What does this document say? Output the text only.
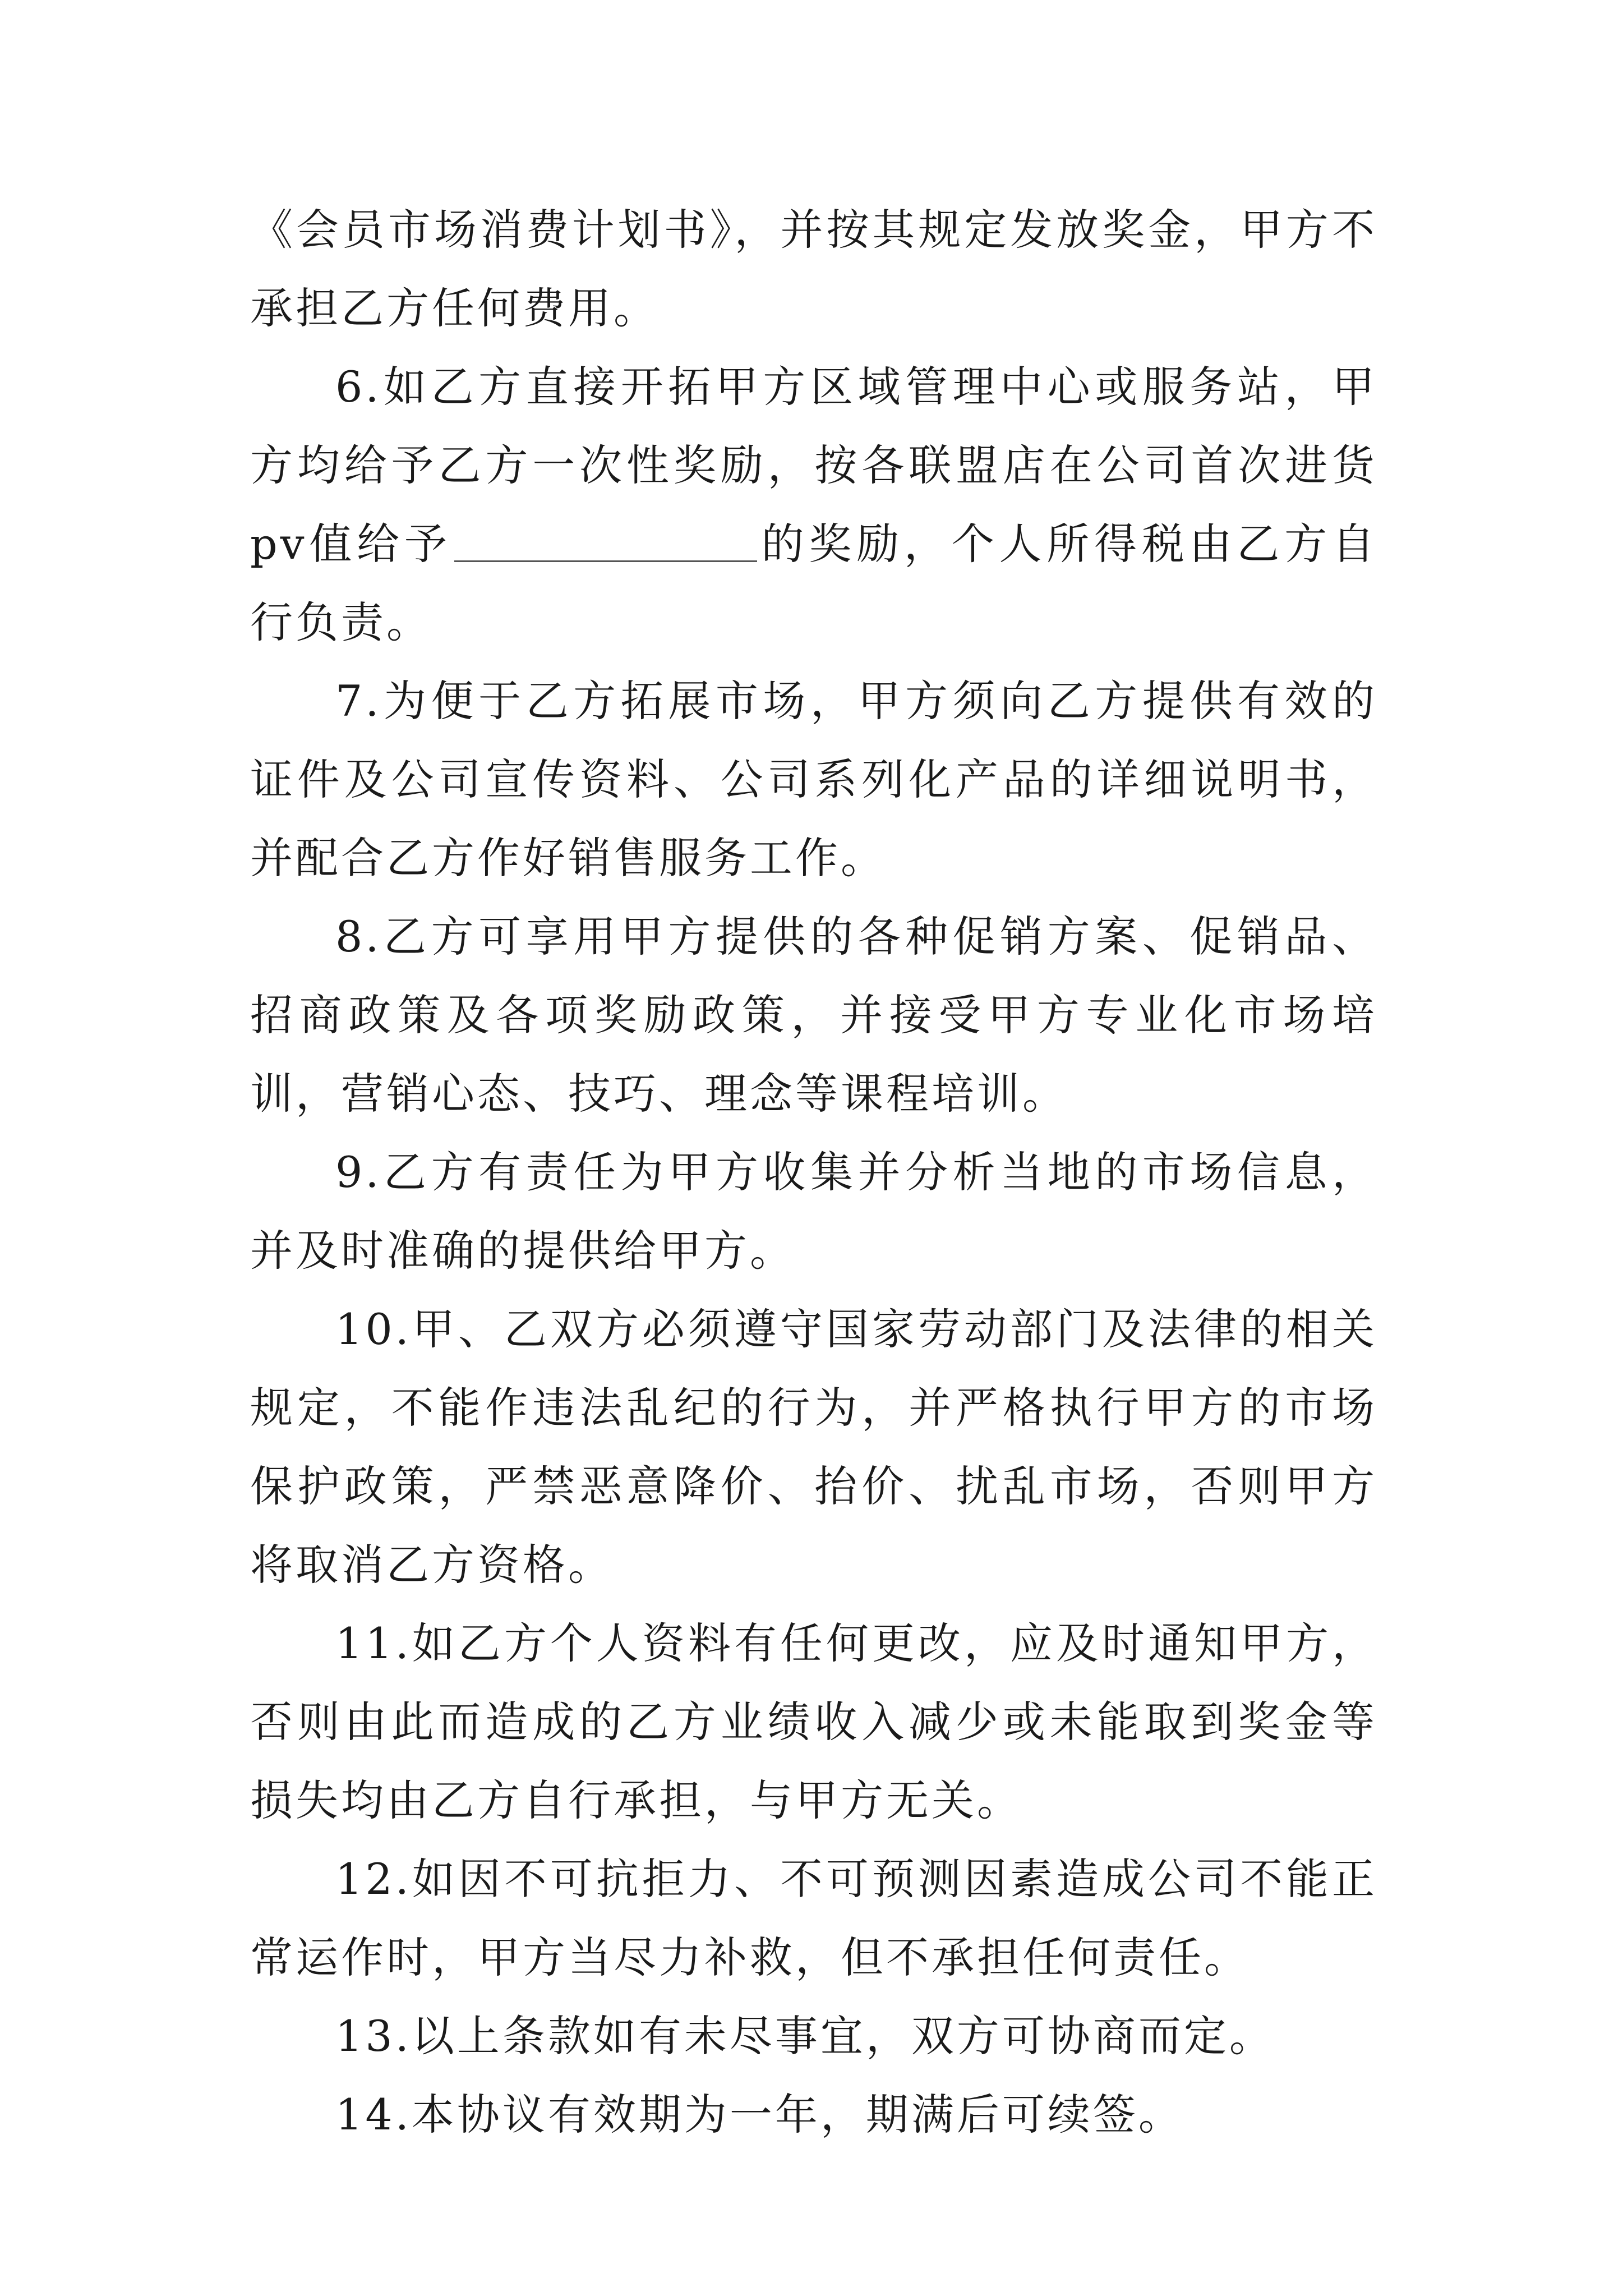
《会员市场消费计划书》，并按其规定发放奖金，甲方不承担乙方任何费用。

6.如乙方直接开拓甲方区域管理中心或服务站，甲方均给予乙方一次性奖励，按各联盟店在公司首次进货pv值给予	的奖励，个人所得税由乙方自行负责。

7.为便于乙方拓展市场，甲方须向乙方提供有效的证件及公司宣传资料、公司系列化产品的详细说明书，并配合乙方作好销售服务工作。

8.乙方可享用甲方提供的各种促销方案、促销品、招商政策及各项奖励政策，并接受甲方专业化市场培训，营销心态、技巧、理念等课程培训。

9.乙方有责任为甲方收集并分析当地的市场信息，并及时准确的提供给甲方。

10.甲、乙双方必须遵守国家劳动部门及法律的相关规定，不能作违法乱纪的行为，并严格执行甲方的市场保护政策，严禁恶意降价、抬价、扰乱市场，否则甲方将取消乙方资格。

11.如乙方个人资料有任何更改，应及时通知甲方，否则由此而造成的乙方业绩收入减少或未能取到奖金等损失均由乙方自行承担，与甲方无关。

12.如因不可抗拒力、不可预测因素造成公司不能正常运作时，甲方当尽力补救，但不承担任何责任。

13.以上条款如有未尽事宜，双方可协商而定。

14.本协议有效期为一年，期满后可续签。
